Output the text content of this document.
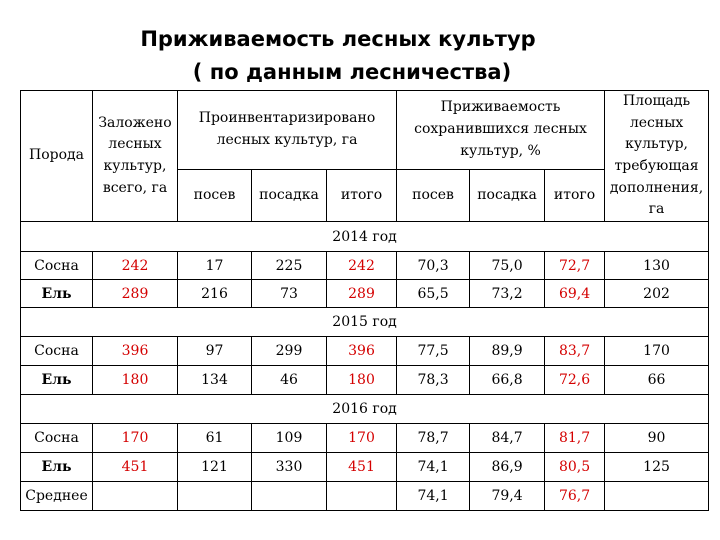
Приживаемость лесных культур
( по данным лесничества)
Порода	Заложено лесных культур, всего, га	Проинвентаризировано лесных культур, га			Приживаемость сохранившихся лесных культур, %			Площадь лесных культур, требующая дополнения, га
		посев	посадка	итого	посев	посадка	итого	
2014 год								
Сосна	242	17	225	242	70,3	75,0	72,7	130
Ель	289	216	73	289	65,5	73,2	69,4	202
2015 год								
Сосна	396	97	299	396	77,5	89,9	83,7	170
Ель	180	134	46	180	78,3	66,8	72,6	66
2016 год								
Сосна	170	61	109	170	78,7	84,7	81,7	90
Ель	451	121	330	451	74,1	86,9	80,5	125
Среднее					74,1	79,4	76,7	
